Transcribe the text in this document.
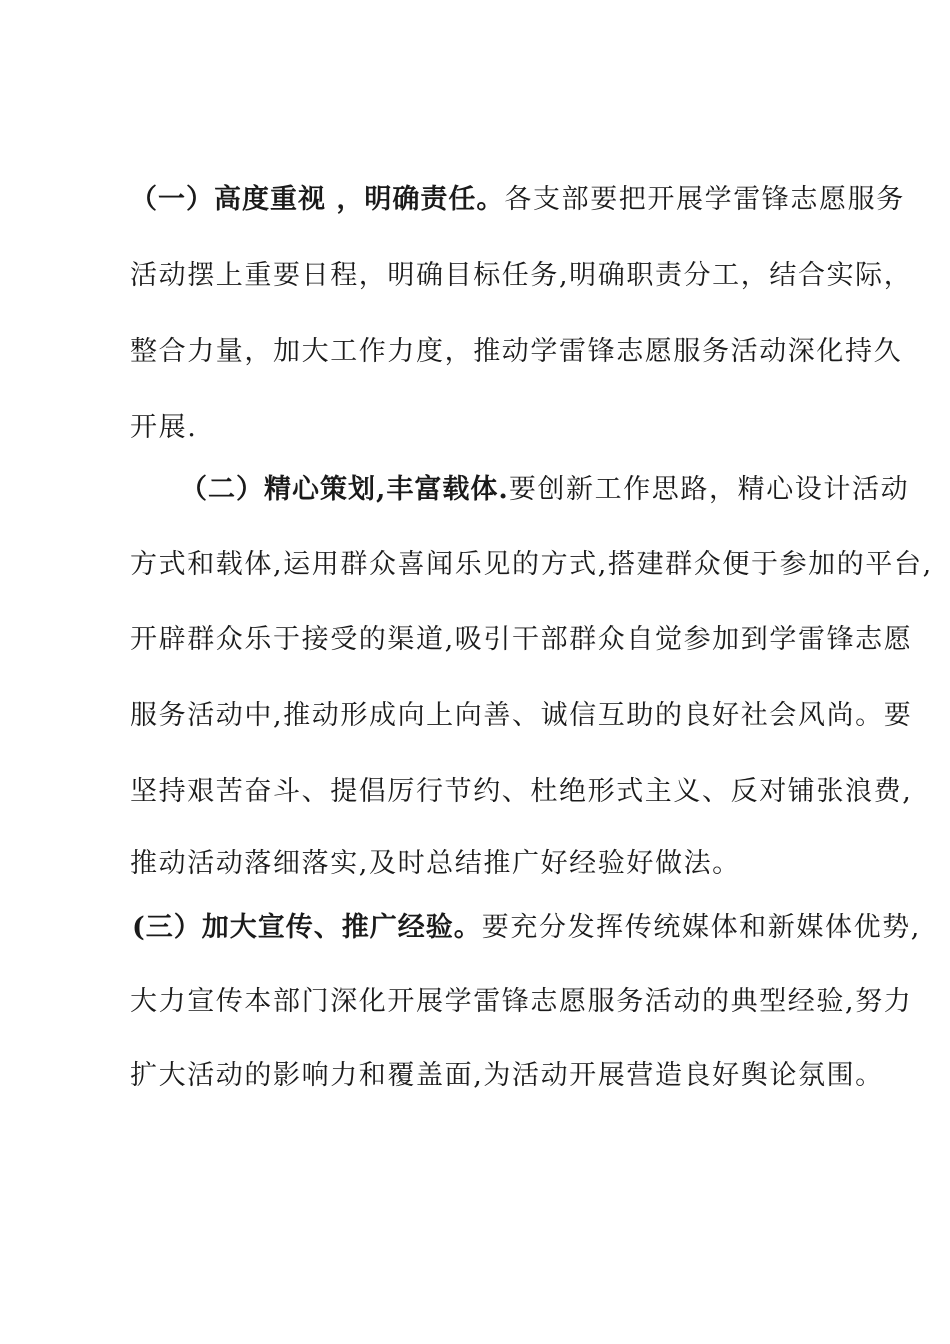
（一）高度重视 ，明确责任。各支部要把开展学雷锋志愿服务
活动摆上重要日程，明确目标任务,明确职责分工，结合实际，
整合力量，加大工作力度，推动学雷锋志愿服务活动深化持久
开展.
（二）精心策划,丰富载体.要创新工作思路，精心设计活动
方式和载体,运用群众喜闻乐见的方式,搭建群众便于参加的平台,
开辟群众乐于接受的渠道,吸引干部群众自觉参加到学雷锋志愿
服务活动中,推动形成向上向善、诚信互助的良好社会风尚。要
坚持艰苦奋斗、提倡厉行节约、杜绝形式主义、反对铺张浪费,
推动活动落细落实,及时总结推广好经验好做法。
(三）加大宣传、推广经验。要充分发挥传统媒体和新媒体优势,
大力宣传本部门深化开展学雷锋志愿服务活动的典型经验,努力
扩大活动的影响力和覆盖面,为活动开展营造良好舆论氛围。
